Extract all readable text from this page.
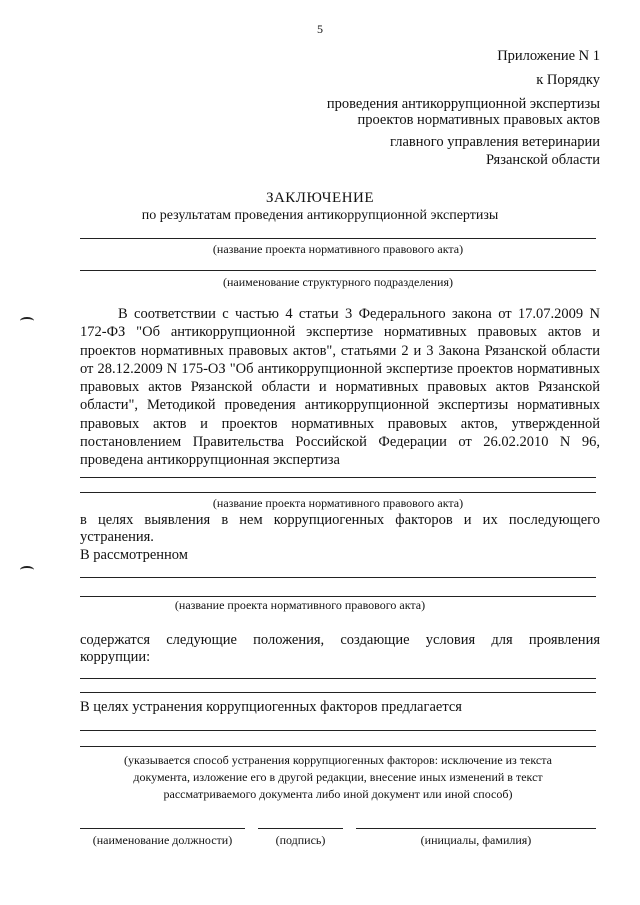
5
Приложение N 1
к Порядку
проведения антикоррупционной экспертизы
проектов нормативных правовых актов
главного управления ветеринарии
Рязанской области
ЗАКЛЮЧЕНИЕ
по результатам проведения антикоррупционной экспертизы
(название проекта нормативного правового акта)
(наименование структурного подразделения)
В соответствии с частью 4 статьи 3 Федерального закона от 17.07.2009 N 172-ФЗ "Об антикоррупционной экспертизе нормативных правовых актов и проектов нормативных правовых актов", статьями 2 и 3 Закона Рязанской области от 28.12.2009 N 175-ОЗ "Об антикоррупционной экспертизе проектов нормативных правовых актов Рязанской области и нормативных правовых актов Рязанской области", Методикой проведения антикоррупционной экспертизы нормативных правовых актов и проектов нормативных правовых актов, утвержденной постановлением Правительства Российской Федерации от 26.02.2010 N 96, проведена антикоррупционная экспертиза
(название проекта нормативного правового акта)
в целях выявления в нем коррупциогенных факторов и их последующего
устранения.
В рассмотренном
(название проекта нормативного правового акта)
содержатся следующие положения, создающие условия для проявления
коррупции:
В целях устранения коррупциогенных факторов предлагается
(указывается способ устранения коррупциогенных факторов: исключение из текста
документа, изложение его в другой редакции, внесение иных изменений в текст
рассматриваемого документа либо иной документ или иной способ)
(наименование должности)	(подпись)	(инициалы, фамилия)
